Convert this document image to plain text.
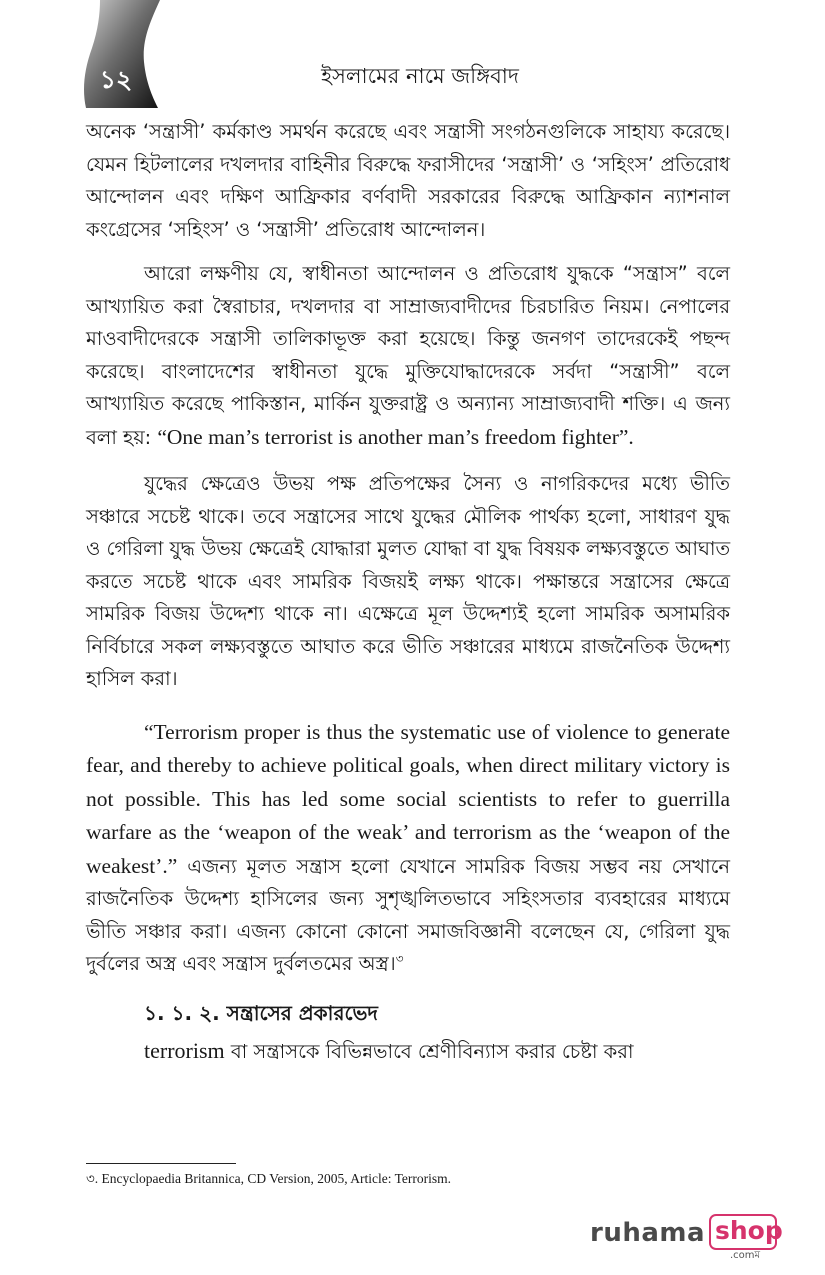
১২	ইসলামের নামে জঙ্গিবাদ

অনেক ‘সন্ত্রাসী’ কর্মকাণ্ড সমর্থন করেছে এবং সন্ত্রাসী সংগঠনগুলিকে সাহায্য করেছে। যেমন হিটলালের দখলদার বাহিনীর বিরুদ্ধে ফরাসীদের ‘সন্ত্রাসী’ ও ‘সহিংস’ প্রতিরোধ আন্দোলন এবং দক্ষিণ আফ্রিকার বর্ণবাদী সরকারের বিরুদ্ধে আফ্রিকান ন্যাশনাল কংগ্রেসের ‘সহিংস’ ও ‘সন্ত্রাসী’ প্রতিরোধ আন্দোলন।

আরো লক্ষণীয় যে, স্বাধীনতা আন্দোলন ও প্রতিরোধ যুদ্ধকে “সন্ত্রাস” বলে আখ্যায়িত করা স্বৈরাচার, দখলদার বা সাম্রাজ্যবাদীদের চিরচারিত নিয়ম। নেপালের মাওবাদীদেরকে সন্ত্রাসী তালিকাভূক্ত করা হয়েছে। কিন্তু জনগণ তাদেরকেই পছন্দ করেছে। বাংলাদেশের স্বাধীনতা যুদ্ধে মুক্তিযোদ্ধাদেরকে সর্বদা “সন্ত্রাসী” বলে আখ্যায়িত করেছে পাকিস্তান, মার্কিন যুক্তরাষ্ট্র ও অন্যান্য সাম্রাজ্যবাদী শক্তি। এ জন্য বলা হয়: “One man’s terrorist is another man’s freedom fighter”.

যুদ্ধের ক্ষেত্রেও উভয় পক্ষ প্রতিপক্ষের সৈন্য ও নাগরিকদের মধ্যে ভীতি সঞ্চারে সচেষ্ট থাকে। তবে সন্ত্রাসের সাথে যুদ্ধের মৌলিক পার্থক্য হলো, সাধারণ যুদ্ধ ও গেরিলা যুদ্ধ উভয় ক্ষেত্রেই যোদ্ধারা মুলত যোদ্ধা বা যুদ্ধ বিষয়ক লক্ষ্যবস্তুতে আঘাত করতে সচেষ্ট থাকে এবং সামরিক বিজয়ই লক্ষ্য থাকে। পক্ষান্তরে সন্ত্রাসের ক্ষেত্রে সামরিক বিজয় উদ্দেশ্য থাকে না। এক্ষেত্রে মূল উদ্দেশ্যই হলো সামরিক অসামরিক নির্বিচারে সকল লক্ষ্যবস্তুতে আঘাত করে ভীতি সঞ্চারের মাধ্যমে রাজনৈতিক উদ্দেশ্য হাসিল করা।

“Terrorism proper is thus the systematic use of violence to generate fear, and thereby to achieve political goals, when direct military victory is not possible. This has led some social scientists to refer to guerrilla warfare as the ‘weapon of the weak’ and terrorism as the ‘weapon of the weakest’.” এজন্য মূলত সন্ত্রাস হলো যেখানে সামরিক বিজয় সম্ভব নয় সেখানে রাজনৈতিক উদ্দেশ্য হাসিলের জন্য সুশৃঙ্খলিতভাবে সহিংসতার ব্যবহারের মাধ্যমে ভীতি সঞ্চার করা। এজন্য কোনো কোনো সমাজবিজ্ঞানী বলেছেন যে, গেরিলা যুদ্ধ দুর্বলের অস্ত্র এবং সন্ত্রাস দুর্বলতমের অস্ত্র।$^৩$

১. ১. ২. সন্ত্রাসের প্রকারভেদ

terrorism বা সন্ত্রাসকে বিভিন্নভাবে শ্রেণীবিন্যাস করার চেষ্টা করা

৩. Encyclopaedia Britannica, CD Version, 2005, Article: Terrorism.
ruhama shop
.comম
